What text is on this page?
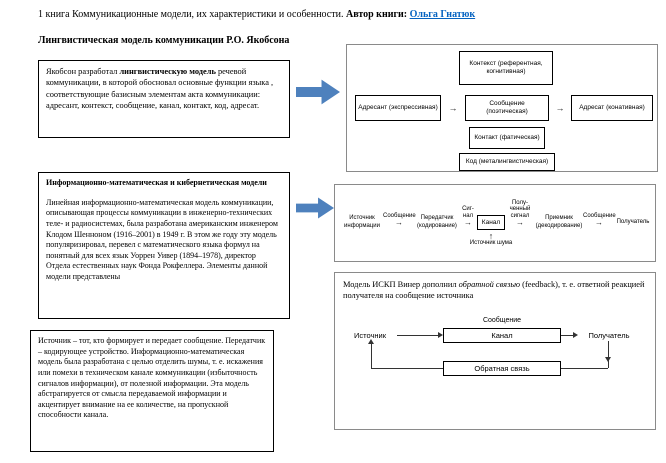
1 книга Коммуникационные модели, их характеристики и особенности. Автор книги: Ольга Гнатюк
Лингвистическая модель коммуникации Р.О. Якобсона
Якобсон разработал лингвистическую модель речевой коммуникации, в которой обосновал основные функции языка , соответствующие базисным элементам акта коммуникации: адресант, контекст, сообщение, канал, контакт, код, адресат.
Контекст (референтная, когнитивная)
Адресант (экспрессивная)	→	Сообщение (поэтическая)	→	Адресат (конативная)
Контакт (фатическая)
Код (металингвистическая)
Информационно-математическая и кибернетическая модели
Линейная информационно-математическая модель коммуникации, описывающая процессы коммуникации в инженерно-технических теле- и радиосистемах, была разработана американским инженером Клодом Шенноном (1916–2001) в 1949 г. В этом же году эту модель популяризировал, перевел с математического языка формул на понятный для всех язык Уоррен Уивер (1894–1978), директор Отдела естественных наук Фонда Рокфеллера. Элементы данной модели представлены
Источник информации
Сообщение
→	Передатчик (кодирование)
Сиг-нал
→	Канал
Полу-ченный сигнал
→	Приемник (декодирование)
Сообщение
→	Получатель
↑
Источник шума
Модель ИСКП Винер дополнил обратной связью (feedback), т. е. ответной реакцией получателя на сообщение источника
Сообщение
Канал
Источник	Получатель
Обратная связь
Источник – тот, кто формирует и передает сообщение. Передатчик – кодирующее устройство. Информационно-математическая модель была разработана с целью отделить шумы, т. е. искажения или помехи в техническом канале коммуникации (избыточность сигналов информации), от полезной информации. Эта модель абстрагируется от смысла передаваемой информации и акцентирует внимание на ее количестве, на пропускной способности канала.
